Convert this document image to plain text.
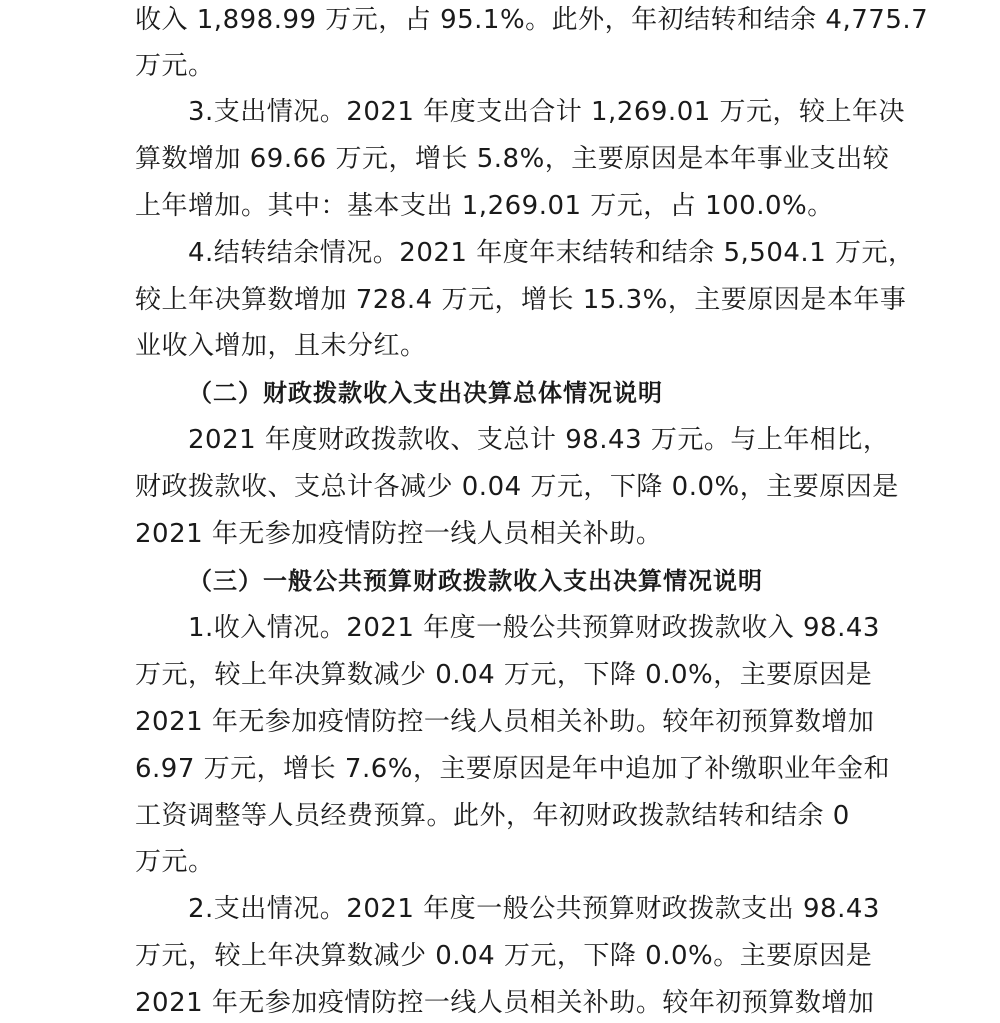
收入 1,898.99 万元，占 95.1%。此外，年初结转和结余 4,775.7
万元。
3.支出情况。2021 年度支出合计 1,269.01 万元，较上年决
算数增加 69.66 万元，增长 5.8%，主要原因是本年事业支出较
上年增加。其中：基本支出 1,269.01 万元，占 100.0%。
4.结转结余情况。2021 年度年末结转和结余 5,504.1 万元，
较上年决算数增加 728.4 万元，增长 15.3%，主要原因是本年事
业收入增加，且未分红。
（二）财政拨款收入支出决算总体情况说明
2021 年度财政拨款收、支总计 98.43 万元。与上年相比，
财政拨款收、支总计各减少 0.04 万元，下降 0.0%，主要原因是
2021 年无参加疫情防控一线人员相关补助。
（三）一般公共预算财政拨款收入支出决算情况说明
1.收入情况。2021 年度一般公共预算财政拨款收入 98.43
万元，较上年决算数减少 0.04 万元，下降 0.0%，主要原因是
2021 年无参加疫情防控一线人员相关补助。较年初预算数增加
6.97 万元，增长 7.6%，主要原因是年中追加了补缴职业年金和
工资调整等人员经费预算。此外，年初财政拨款结转和结余 0
万元。
2.支出情况。2021 年度一般公共预算财政拨款支出 98.43
万元，较上年决算数减少 0.04 万元，下降 0.0%。主要原因是
2021 年无参加疫情防控一线人员相关补助。较年初预算数增加
